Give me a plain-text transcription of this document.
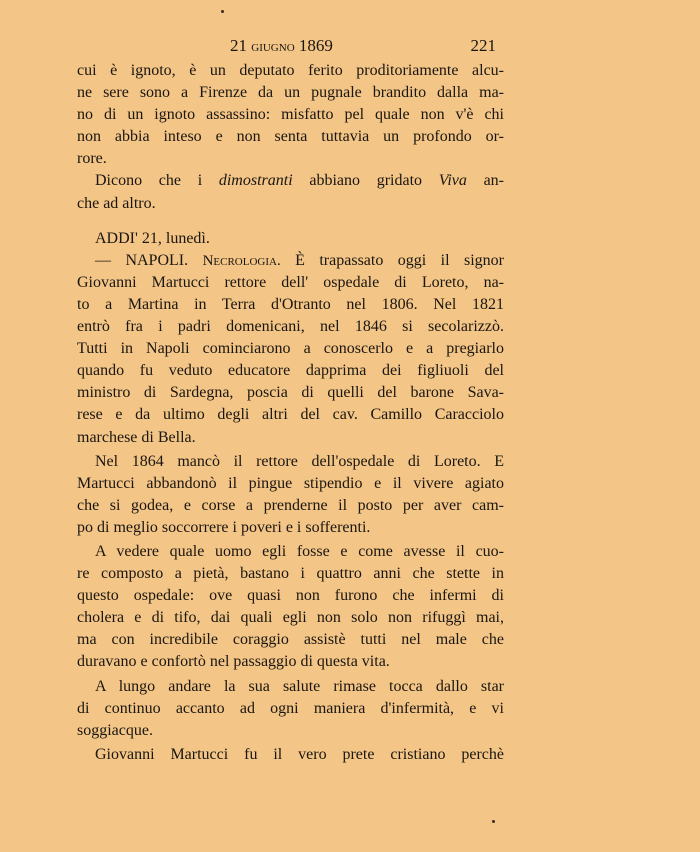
21 giugno 1869	221
cui è ignoto, è un deputato ferito proditoriamente alcu-
ne sere sono a Firenze da un pugnale brandito dalla ma-
no di un ignoto assassino: misfatto pel quale non v'è chi
non abbia inteso e non senta tuttavia un profondo or-
rore.
Dicono che i dimostranti abbiano gridato Viva an-
che ad altro.
ADDI' 21, lunedì.
— NAPOLI. Necrologia. È trapassato oggi il signor
Giovanni Martucci rettore dell' ospedale di Loreto, na-
to a Martina in Terra d'Otranto nel 1806. Nel 1821
entrò fra i padri domenicani, nel 1846 si secolarizzò.
Tutti in Napoli cominciarono a conoscerlo e a pregiarlo
quando fu veduto educatore dapprima dei figliuoli del
ministro di Sardegna, poscia di quelli del barone Sava-
rese e da ultimo degli altri del cav. Camillo Caracciolo
marchese di Bella.
Nel 1864 mancò il rettore dell'ospedale di Loreto. E
Martucci abbandonò il pingue stipendio e il vivere agiato
che si godea, e corse a prenderne il posto per aver cam-
po di meglio soccorrere i poveri e i sofferenti.
A vedere quale uomo egli fosse e come avesse il cuo-
re composto a pietà, bastano i quattro anni che stette in
questo ospedale: ove quasi non furono che infermi di
cholera e di tifo, dai quali egli non solo non rifuggì mai,
ma con incredibile coraggio assistè tutti nel male che
duravano e confortò nel passaggio di questa vita.
A lungo andare la sua salute rimase tocca dallo star
di continuo accanto ad ogni maniera d'infermità, e vi
soggiacque.
Giovanni Martucci fu il vero prete cristiano perchè
